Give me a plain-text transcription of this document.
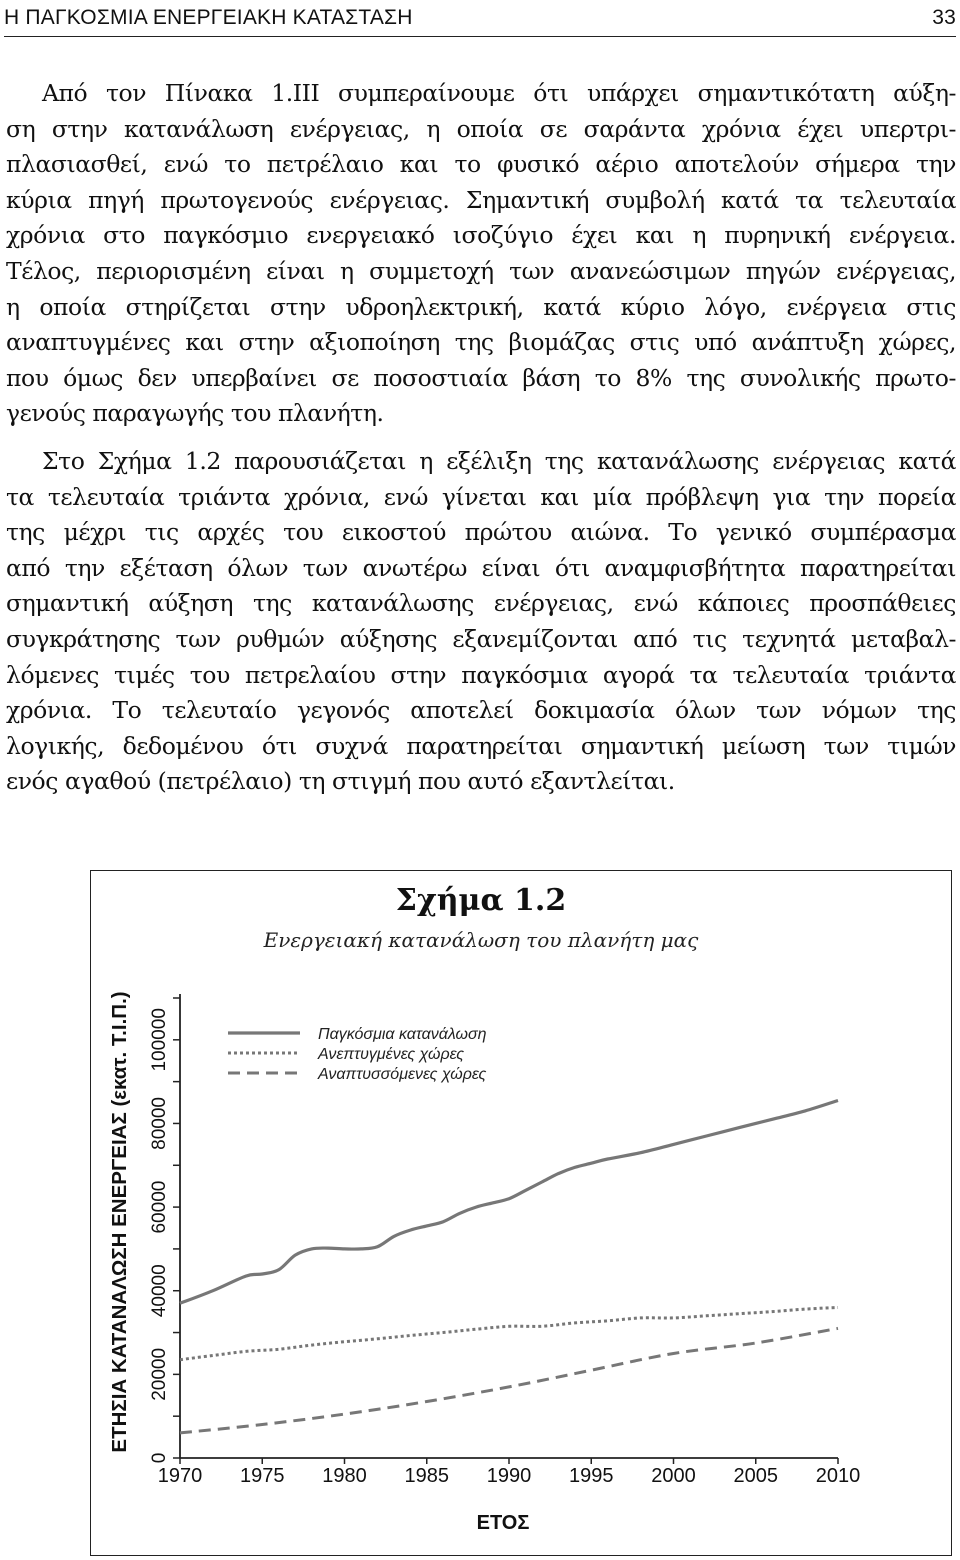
Η ΠΑΓΚΟΣΜΙΑ ΕΝΕΡΓΕΙΑΚΗ ΚΑΤΑΣΤΑΣΗ	33

Από τον Πίνακα 1.ΙΙΙ συμπεραίνουμε ότι υπάρχει σημαντικότατη αύξη-
ση στην κατανάλωση ενέργειας, η οποία σε σαράντα χρόνια έχει υπερτρι-
πλασιασθεί, ενώ το πετρέλαιο και το φυσικό αέριο αποτελούν σήμερα την
κύρια πηγή πρωτογενούς ενέργειας. Σημαντική συμβολή κατά τα τελευταία
χρόνια στο παγκόσμιο ενεργειακό ισοζύγιο έχει και η πυρηνική ενέργεια.
Τέλος, περιορισμένη είναι η συμμετοχή των ανανεώσιμων πηγών ενέργειας,
η οποία στηρίζεται στην υδροηλεκτρική, κατά κύριο λόγο, ενέργεια στις
αναπτυγμένες και στην αξιοποίηση της βιομάζας στις υπό ανάπτυξη χώρες,
που όμως δεν υπερβαίνει σε ποσοστιαία βάση το 8% της συνολικής πρωτο-
γενούς παραγωγής του πλανήτη.

Στο Σχήμα 1.2 παρουσιάζεται η εξέλιξη της κατανάλωσης ενέργειας κατά
τα τελευταία τριάντα χρόνια, ενώ γίνεται και μία πρόβλεψη για την πορεία
της μέχρι τις αρχές του εικοστού πρώτου αιώνα. Το γενικό συμπέρασμα
από την εξέταση όλων των ανωτέρω είναι ότι αναμφισβήτητα παρατηρείται
σημαντική αύξηση της κατανάλωσης ενέργειας, ενώ κάποιες προσπάθειες
συγκράτησης των ρυθμών αύξησης εξανεμίζονται από τις τεχνητά μεταβαλ-
λόμενες τιμές του πετρελαίου στην παγκόσμια αγορά τα τελευταία τριάντα
χρόνια. Το τελευταίο γεγονός αποτελεί δοκιμασία όλων των νόμων της
λογικής, δεδομένου ότι συχνά παρατηρείται σημαντική μείωση των τιμών
ενός αγαθού (πετρέλαιο) τη στιγμή που αυτό εξαντλείται.

Σχήμα 1.2
Ενεργειακή κατανάλωση του πλανήτη μας
ΕΤΗΣΙΑ ΚΑΤΑΝΑΛΩΣΗ ΕΝΕΡΓΕΙΑΣ (εκατ. Τ.Ι.Π.)
ΕΤΟΣ
0
20000
40000
60000
80000
100000
1970 1975 1980 1985 1990 1995 2000 2005 2010
Παγκόσμια κατανάλωση
Ανεπτυγμένες χώρες
Αναπτυσσόμενες χώρες
